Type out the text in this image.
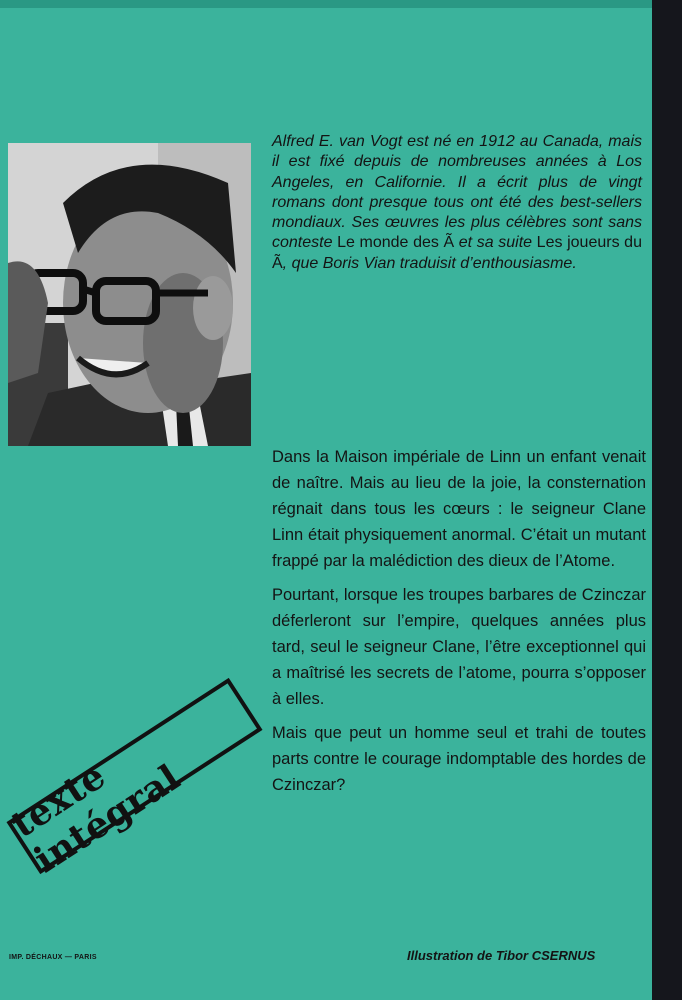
Alfred E. van Vogt est né en 1912 au Canada, mais il est fixé depuis de nombreuses années à Los Angeles, en Californie. Il a écrit plus de vingt romans dont presque tous ont été des best-sellers mondiaux. Ses œuvres les plus célèbres sont sans conteste Le monde des Ã et sa suite Les joueurs du Ã, que Boris Vian traduisit d’enthousiasme.

Dans la Maison impériale de Linn un enfant venait de naître. Mais au lieu de la joie, la consternation régnait dans tous les cœurs : le seigneur Clane Linn était physiquement anormal. C’était un mutant frappé par la malédiction des dieux de l’Atome.

Pourtant, lorsque les troupes barbares de Czinczar déferleront sur l’empire, quelques années plus tard, seul le seigneur Clane, l’être exceptionnel qui a maîtrisé les secrets de l’atome, pourra s’opposer à elles.

Mais que peut un homme seul et trahi de toutes parts contre le courage indomptable des hordes de Czinczar?

texte intégral
IMP. DÉCHAUX — PARIS	Illustration de Tibor CSERNUS
